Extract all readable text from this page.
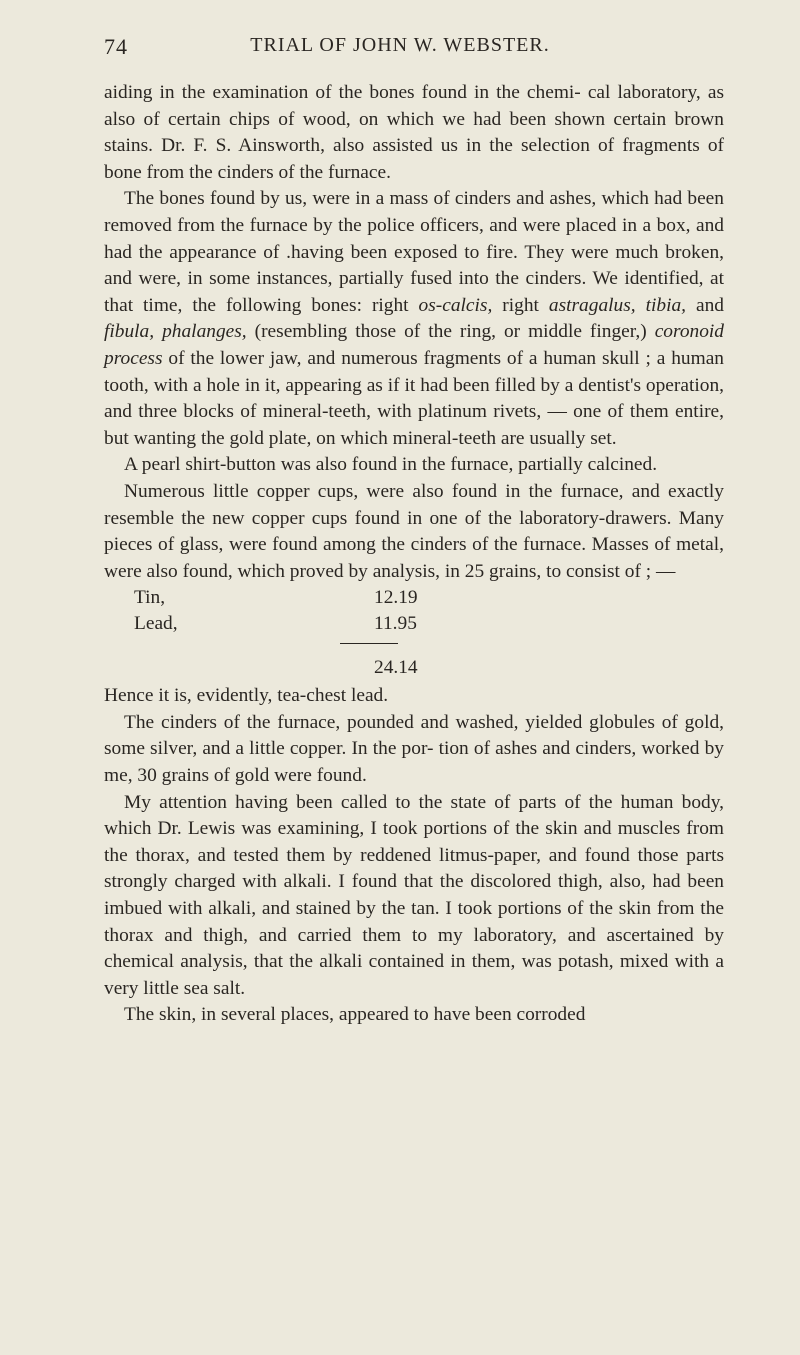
74	TRIAL OF JOHN W. WEBSTER.

aiding in the examination of the bones found in the chemi- cal laboratory, as also of certain chips of wood, on which we had been shown certain brown stains. Dr. F. S. Ainsworth, also assisted us in the selection of fragments of bone from the cinders of the furnace.

The bones found by us, were in a mass of cinders and ashes, which had been removed from the furnace by the police officers, and were placed in a box, and had the appearance of .having been exposed to fire. They were much broken, and were, in some instances, partially fused into the cinders. We identified, at that time, the following bones: right os-calcis, right astragalus, tibia, and fibula, phalanges, (resembling those of the ring, or middle finger,) coronoid process of the lower jaw, and numerous fragments of a human skull ; a human tooth, with a hole in it, appearing as if it had been filled by a dentist's operation, and three blocks of mineral-teeth, with platinum rivets, — one of them entire, but wanting the gold plate, on which mineral-teeth are usually set.

A pearl shirt-button was also found in the furnace, partially calcined.

Numerous little copper cups, were also found in the furnace, and exactly resemble the new copper cups found in one of the laboratory-drawers. Many pieces of glass, were found among the cinders of the furnace. Masses of metal, were also found, which proved by analysis, in 25 grains, to consist of ; —

Tin,	12.19
Lead,	11.95
24.14

Hence it is, evidently, tea-chest lead.

The cinders of the furnace, pounded and washed, yielded globules of gold, some silver, and a little copper. In the por- tion of ashes and cinders, worked by me, 30 grains of gold were found.

My attention having been called to the state of parts of the human body, which Dr. Lewis was examining, I took portions of the skin and muscles from the thorax, and tested them by reddened litmus-paper, and found those parts strongly charged with alkali. I found that the discolored thigh, also, had been imbued with alkali, and stained by the tan. I took portions of the skin from the thorax and thigh, and carried them to my laboratory, and ascertained by chemical analysis, that the alkali contained in them, was potash, mixed with a very little sea salt.

The skin, in several places, appeared to have been corroded
